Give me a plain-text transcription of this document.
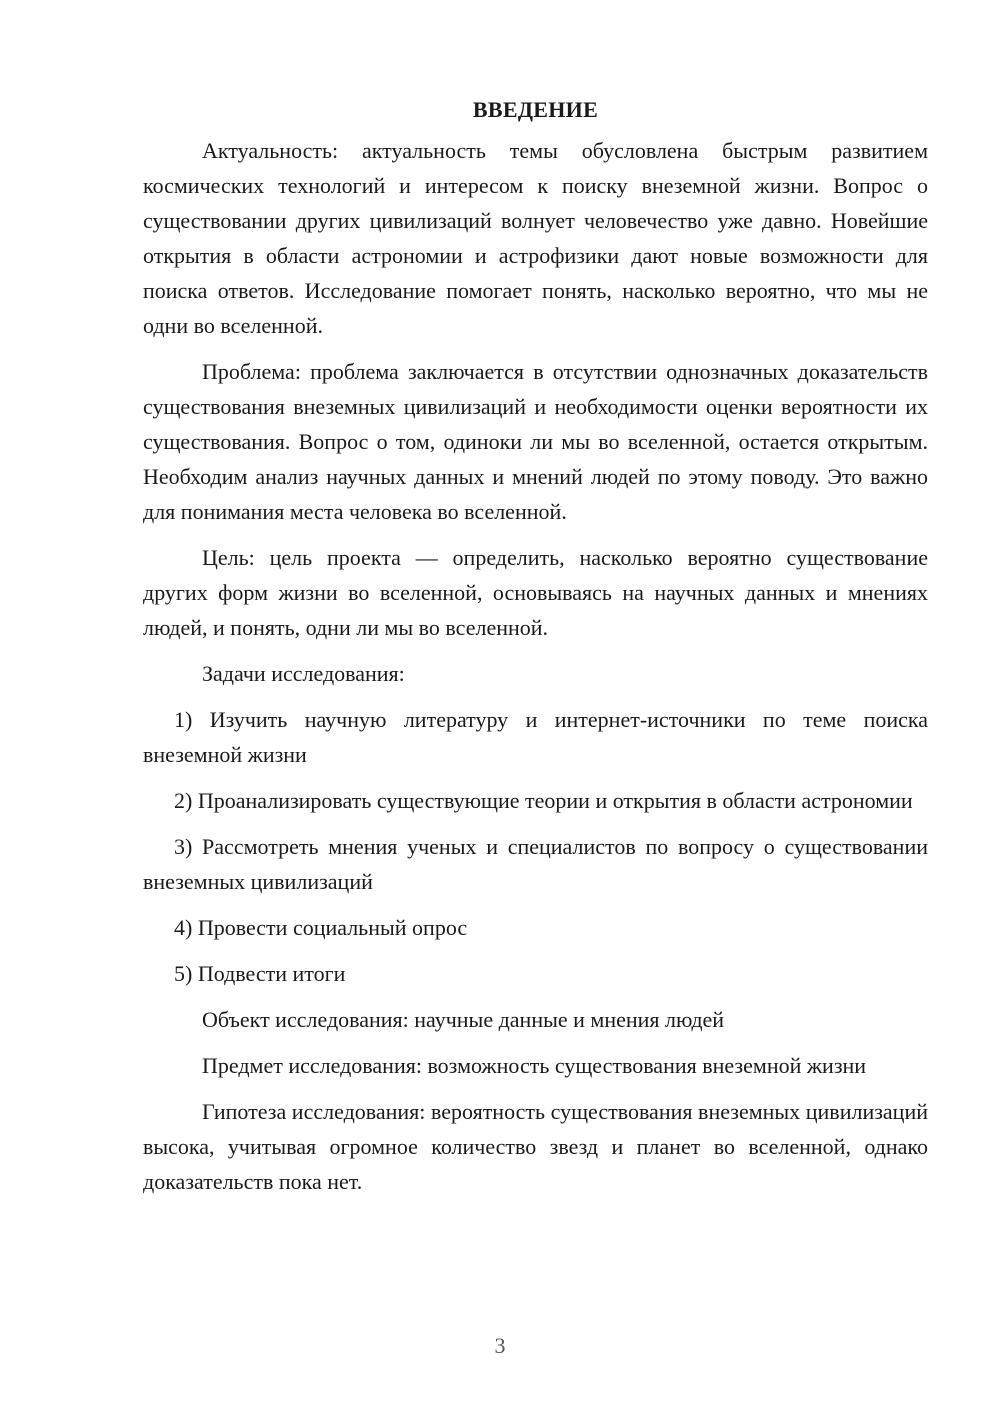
ВВЕДЕНИЕ

Актуальность: актуальность темы обусловлена быстрым развитием космических технологий и интересом к поиску внеземной жизни. Вопрос о существовании других цивилизаций волнует человечество уже давно. Новейшие открытия в области астрономии и астрофизики дают новые возможности для поиска ответов. Исследование помогает понять, насколько вероятно, что мы не одни во вселенной.

Проблема: проблема заключается в отсутствии однозначных доказательств существования внеземных цивилизаций и необходимости оценки вероятности их существования. Вопрос о том, одиноки ли мы во вселенной, остается открытым. Необходим анализ научных данных и мнений людей по этому поводу. Это важно для понимания места человека во вселенной.

Цель: цель проекта — определить, насколько вероятно существование других форм жизни во вселенной, основываясь на научных данных и мнениях людей, и понять, одни ли мы во вселенной.

Задачи исследования:

1) Изучить научную литературу и интернет-источники по теме поиска внеземной жизни

2) Проанализировать существующие теории и открытия в области астрономии

3) Рассмотреть мнения ученых и специалистов по вопросу о существовании внеземных цивилизаций

4) Провести социальный опрос

5) Подвести итоги

Объект исследования: научные данные и мнения людей

Предмет исследования: возможность существования внеземной жизни

Гипотеза исследования: вероятность существования внеземных цивилизаций высока, учитывая огромное количество звезд и планет во вселенной, однако доказательств пока нет.

3
